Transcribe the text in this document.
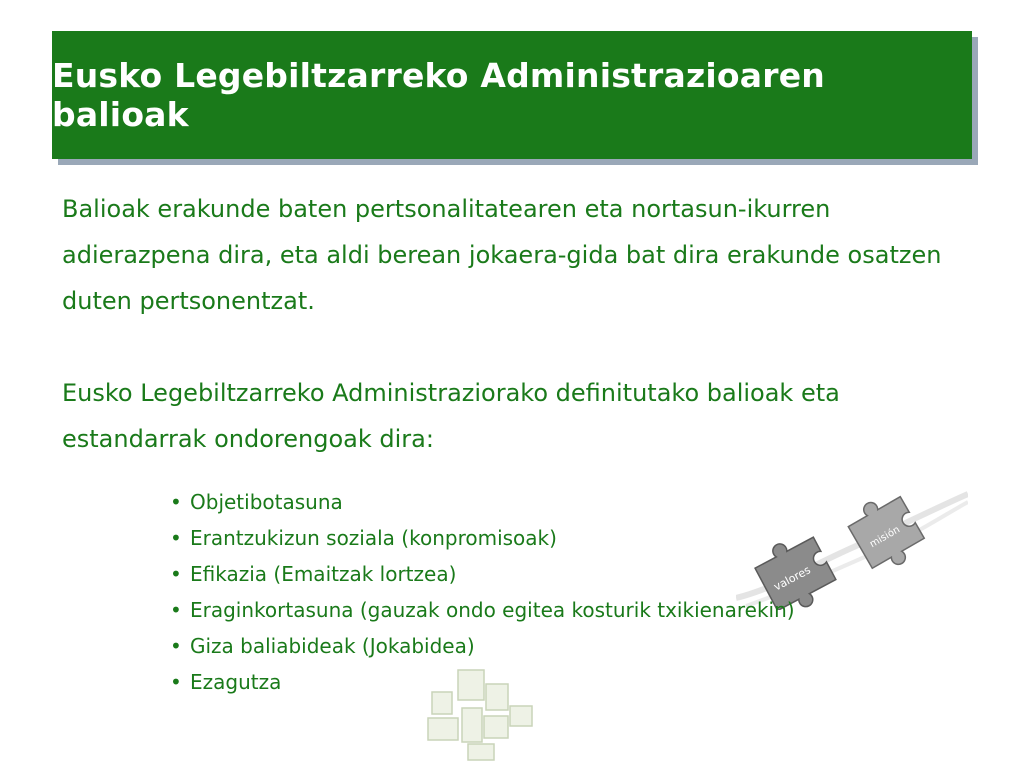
Eusko Legebiltzarreko Administrazioaren balioak

Balioak erakunde baten pertsonalitatearen eta nortasun-ikurren adierazpena dira, eta aldi berean jokaera-gida bat dira erakunde osatzen duten pertsonentzat.

Eusko Legebiltzarreko Administraziorako definitutako balioak eta estandarrak ondorengoak dira:

valores
misión
• Objetibotasuna
• Erantzukizun soziala (konpromisoak)
• Efikazia (Emaitzak lortzea)
• Eraginkortasuna (gauzak ondo egitea kosturik txikienarekin)
• Giza baliabideak (Jokabidea)
• Ezagutza
